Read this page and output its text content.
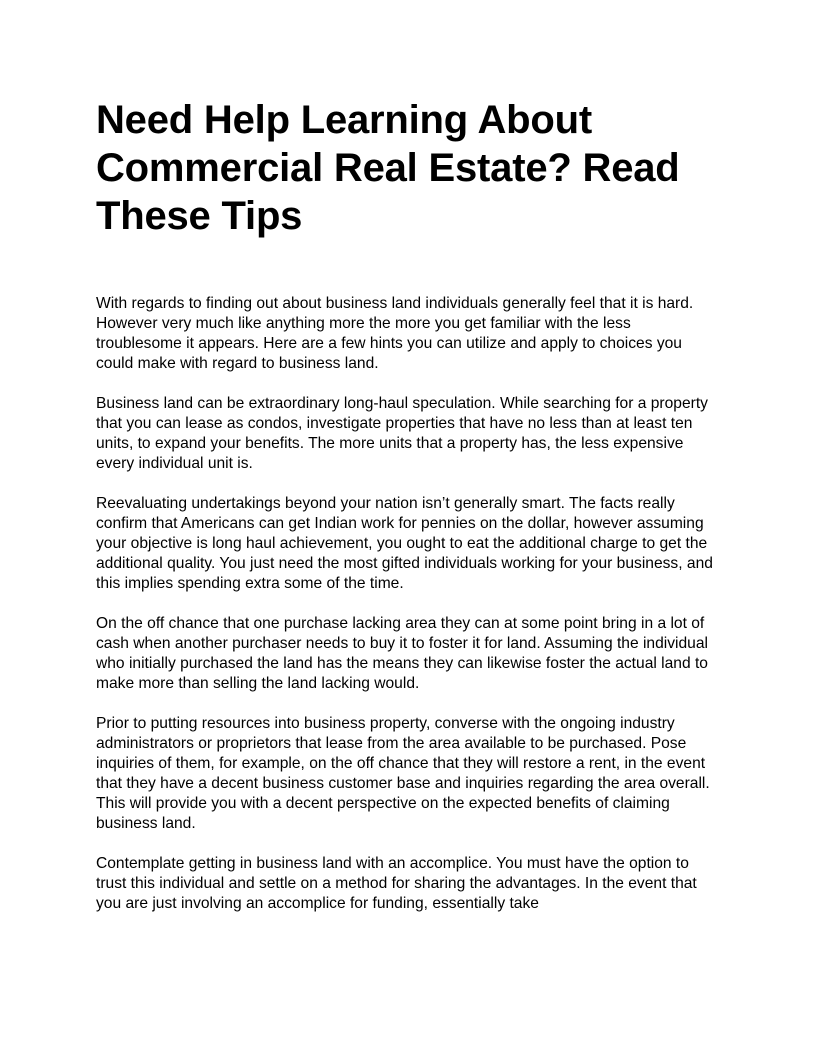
Need Help Learning About Commercial Real Estate? Read These Tips

With regards to finding out about business land individuals generally feel that it is hard. However very much like anything more the more you get familiar with the less troublesome it appears. Here are a few hints you can utilize and apply to choices you could make with regard to business land.

Business land can be extraordinary long-haul speculation. While searching for a property that you can lease as condos, investigate properties that have no less than at least ten units, to expand your benefits. The more units that a property has, the less expensive every individual unit is.

Reevaluating undertakings beyond your nation isn’t generally smart. The facts really confirm that Americans can get Indian work for pennies on the dollar, however assuming your objective is long haul achievement, you ought to eat the additional charge to get the additional quality. You just need the most gifted individuals working for your business, and this implies spending extra some of the time.

On the off chance that one purchase lacking area they can at some point bring in a lot of cash when another purchaser needs to buy it to foster it for land. Assuming the individual who initially purchased the land has the means they can likewise foster the actual land to make more than selling the land lacking would.

Prior to putting resources into business property, converse with the ongoing industry administrators or proprietors that lease from the area available to be purchased. Pose inquiries of them, for example, on the off chance that they will restore a rent, in the event that they have a decent business customer base and inquiries regarding the area overall. This will provide you with a decent perspective on the expected benefits of claiming business land.

Contemplate getting in business land with an accomplice. You must have the option to trust this individual and settle on a method for sharing the advantages. In the event that you are just involving an accomplice for funding, essentially take
